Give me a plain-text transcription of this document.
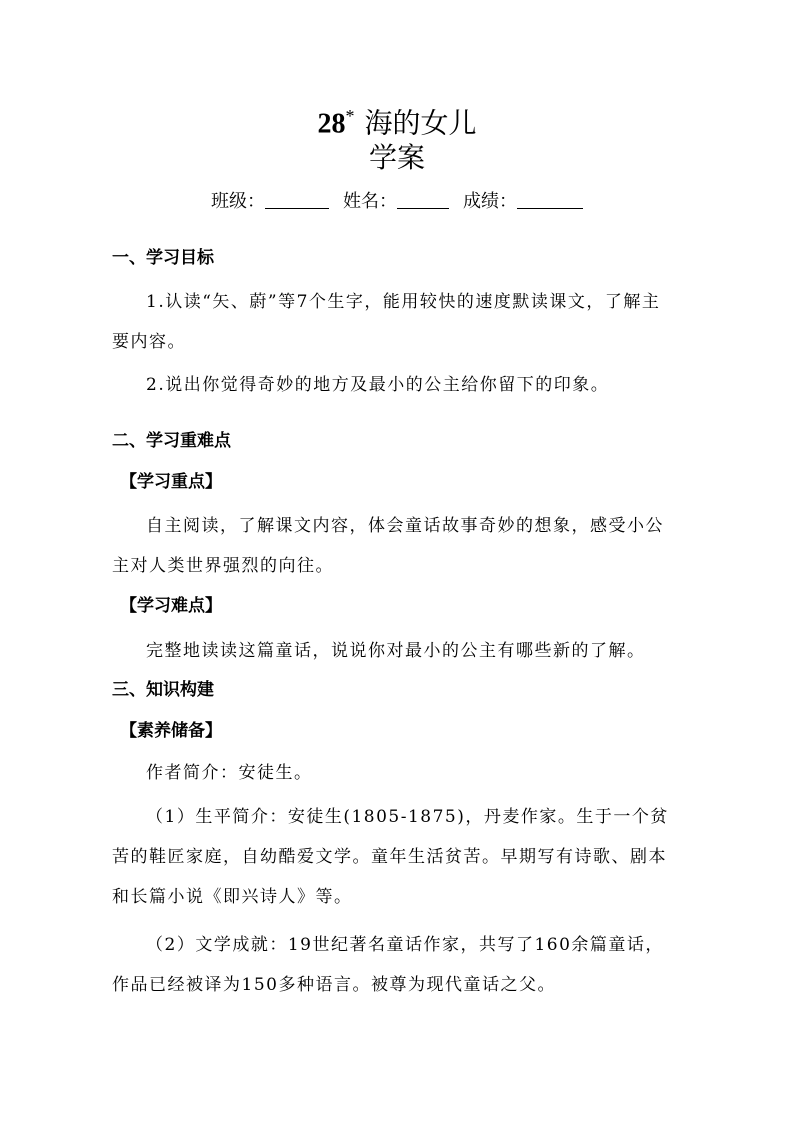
28* 海的女儿
学案
班级：	姓名：	成绩：
一、学习目标
1.认读“矢、蔚”等7个生字，能用较快的速度默读课文，了解主要内容。
2.说出你觉得奇妙的地方及最小的公主给你留下的印象。
二、学习重难点
【学习重点】
自主阅读，了解课文内容，体会童话故事奇妙的想象，感受小公主对人类世界强烈的向往。
【学习难点】
完整地读读这篇童话，说说你对最小的公主有哪些新的了解。
三、知识构建
【素养储备】
作者简介：安徒生。
（1）生平简介：安徒生(1805-1875)，丹麦作家。生于一个贫苦的鞋匠家庭，自幼酷爱文学。童年生活贫苦。早期写有诗歌、剧本和长篇小说《即兴诗人》等。
（2）文学成就：19世纪著名童话作家，共写了160余篇童话，作品已经被译为150多种语言。被尊为现代童话之父。
